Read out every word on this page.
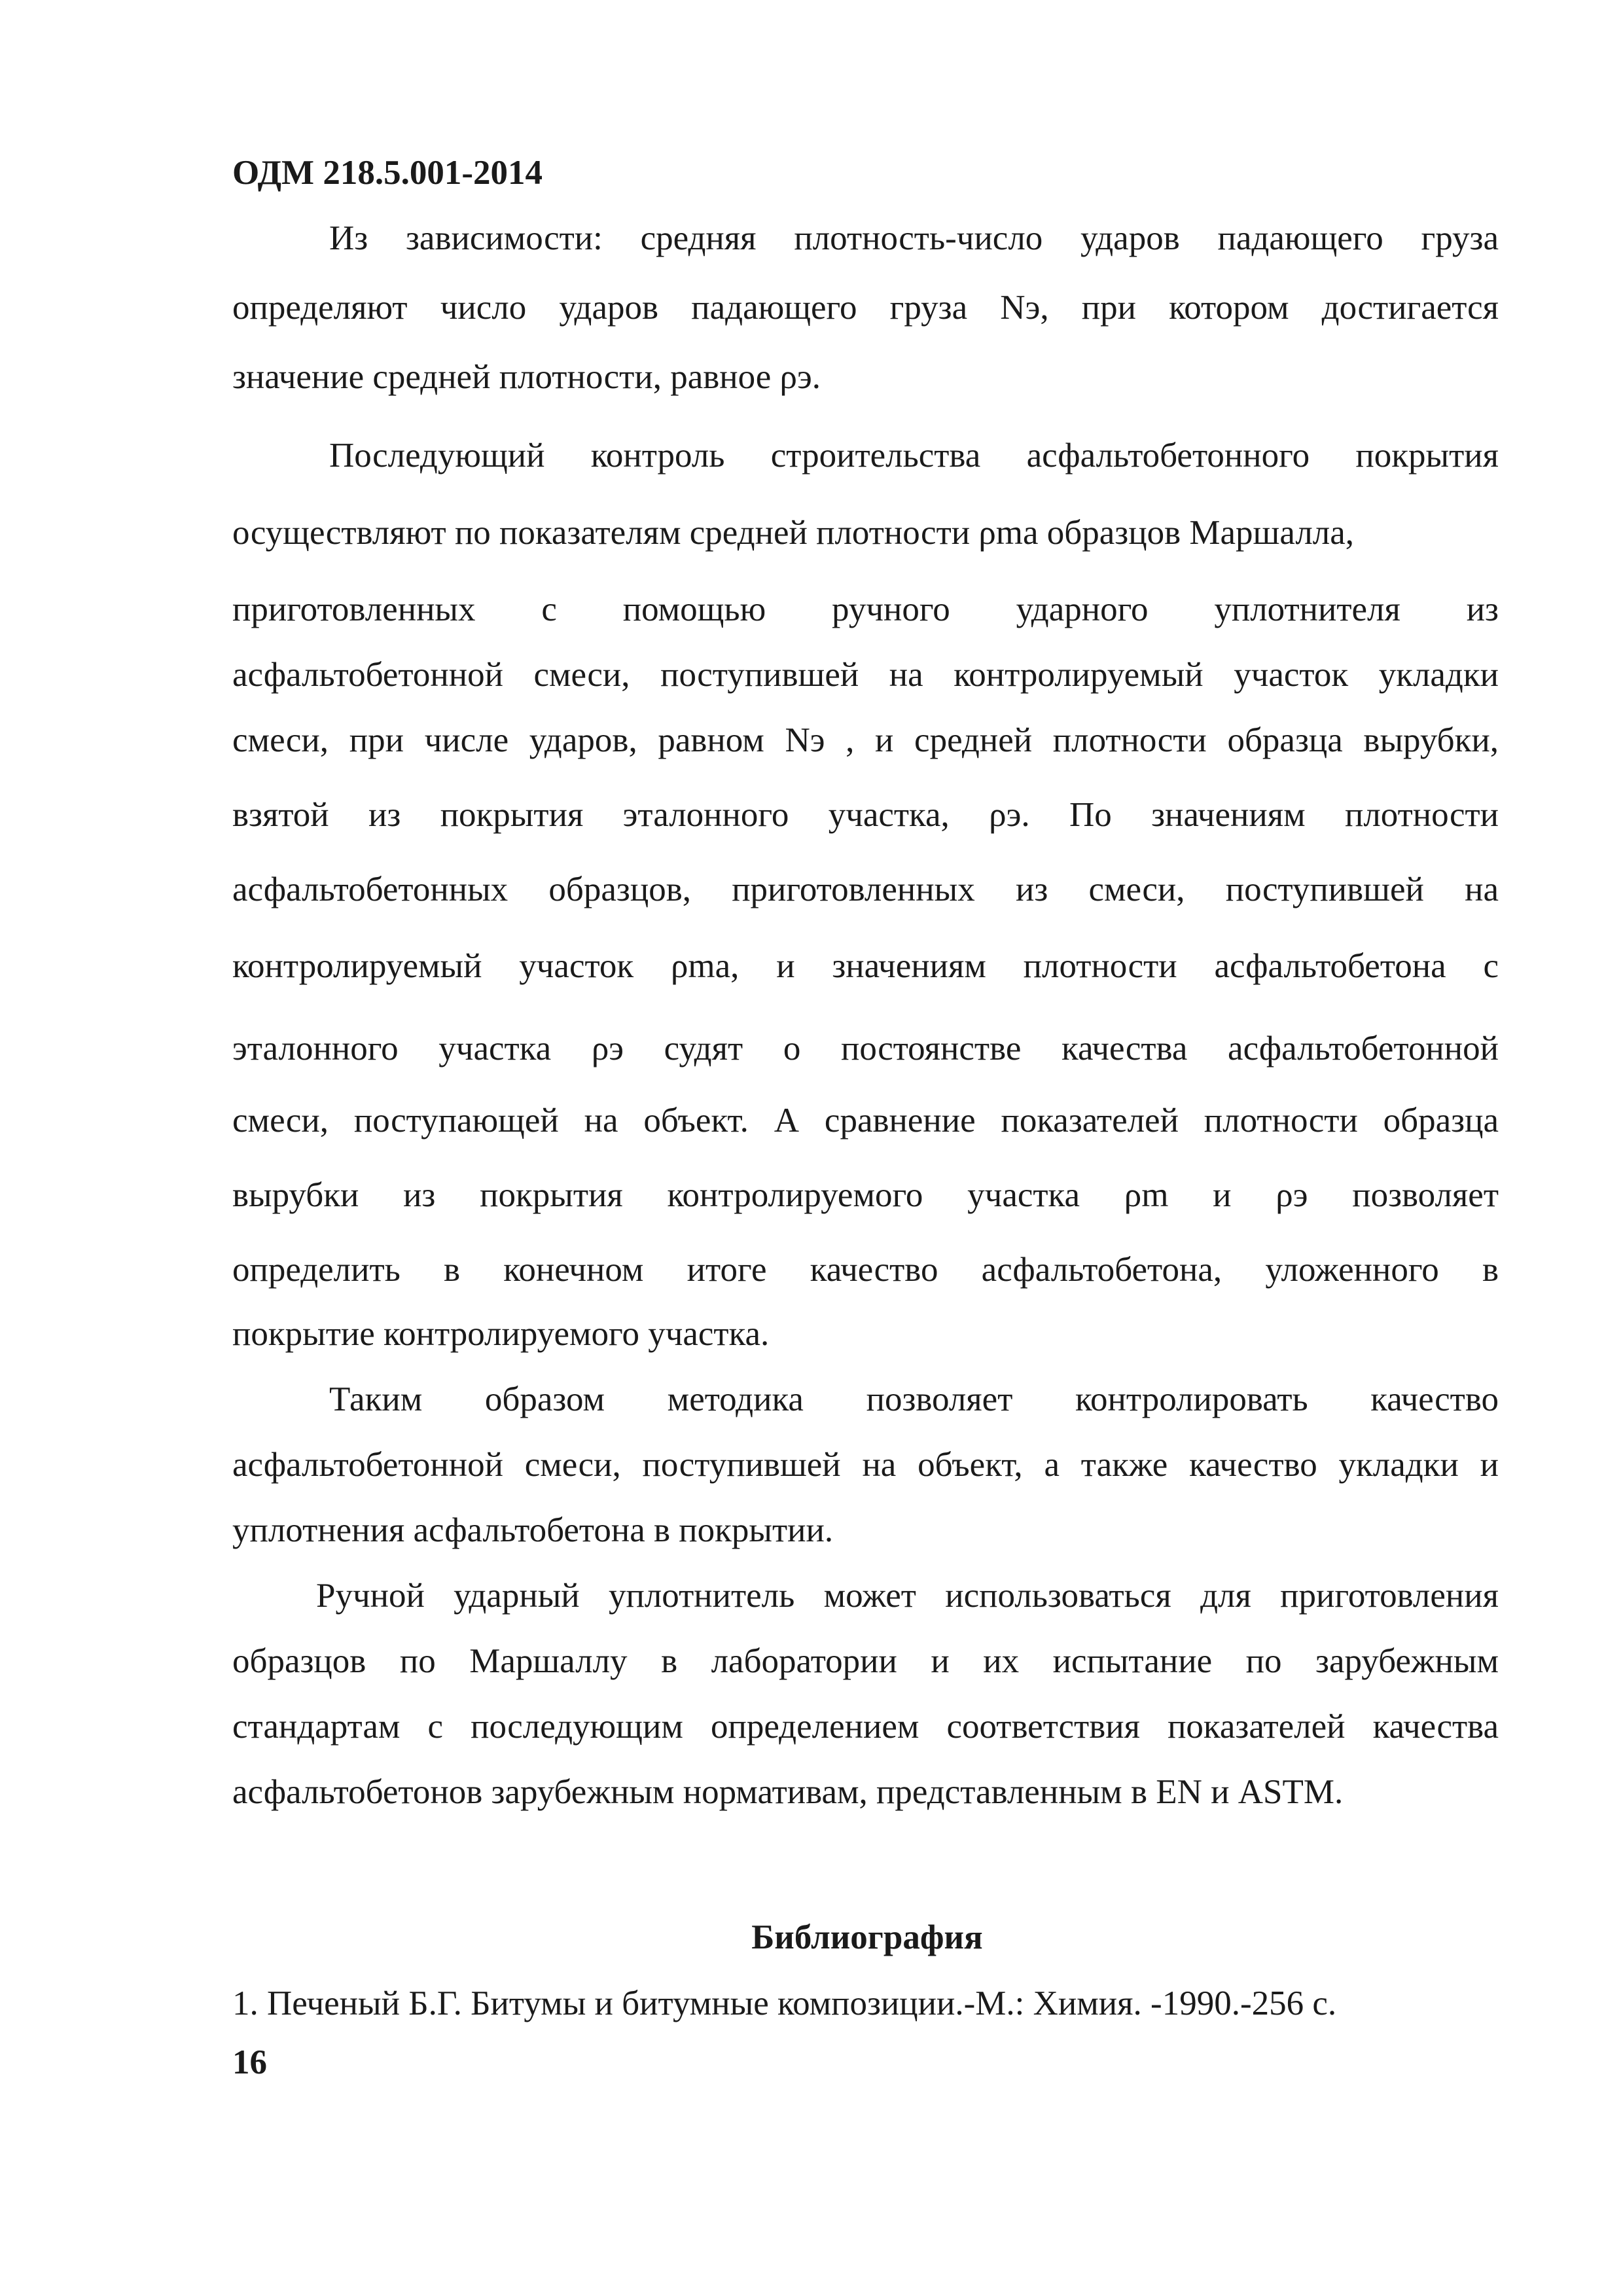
ОДМ 218.5.001-2014
Из зависимости: средняя плотность-число ударов падающего груза
определяют число ударов падающего груза Nэ, при котором достигается
значение средней плотности, равное ρэ.
Последующий контроль строительства асфальтобетонного покрытия
осуществляют по показателям средней плотности ρmа образцов Маршалла,
приготовленных с помощью ручного ударного уплотнителя из
асфальтобетонной смеси, поступившей на контролируемый участок укладки
смеси, при числе ударов, равном Nэ , и средней плотности образца вырубки,
взятой из покрытия эталонного участка, ρэ. По значениям плотности
асфальтобетонных образцов, приготовленных из смеси, поступившей на
контролируемый участок ρmа, и значениям плотности асфальтобетона с
эталонного участка ρэ судят о постоянстве качества асфальтобетонной
смеси, поступающей на объект. А сравнение показателей плотности образца
вырубки из покрытия контролируемого участка ρm и ρэ позволяет
определить в конечном итоге качество асфальтобетона, уложенного в
покрытие контролируемого участка.
Таким образом методика позволяет контролировать качество
асфальтобетонной смеси, поступившей на объект, а также качество укладки и
уплотнения асфальтобетона в покрытии.
Ручной ударный уплотнитель может использоваться для приготовления
образцов по Маршаллу в лаборатории и их испытание по зарубежным
стандартам с последующим определением соответствия показателей качества
асфальтобетонов зарубежным нормативам, представленным в EN и ASTM.
Библиография
1. Печеный Б.Г. Битумы и битумные композиции.-М.: Химия. -1990.-256 с.
16
